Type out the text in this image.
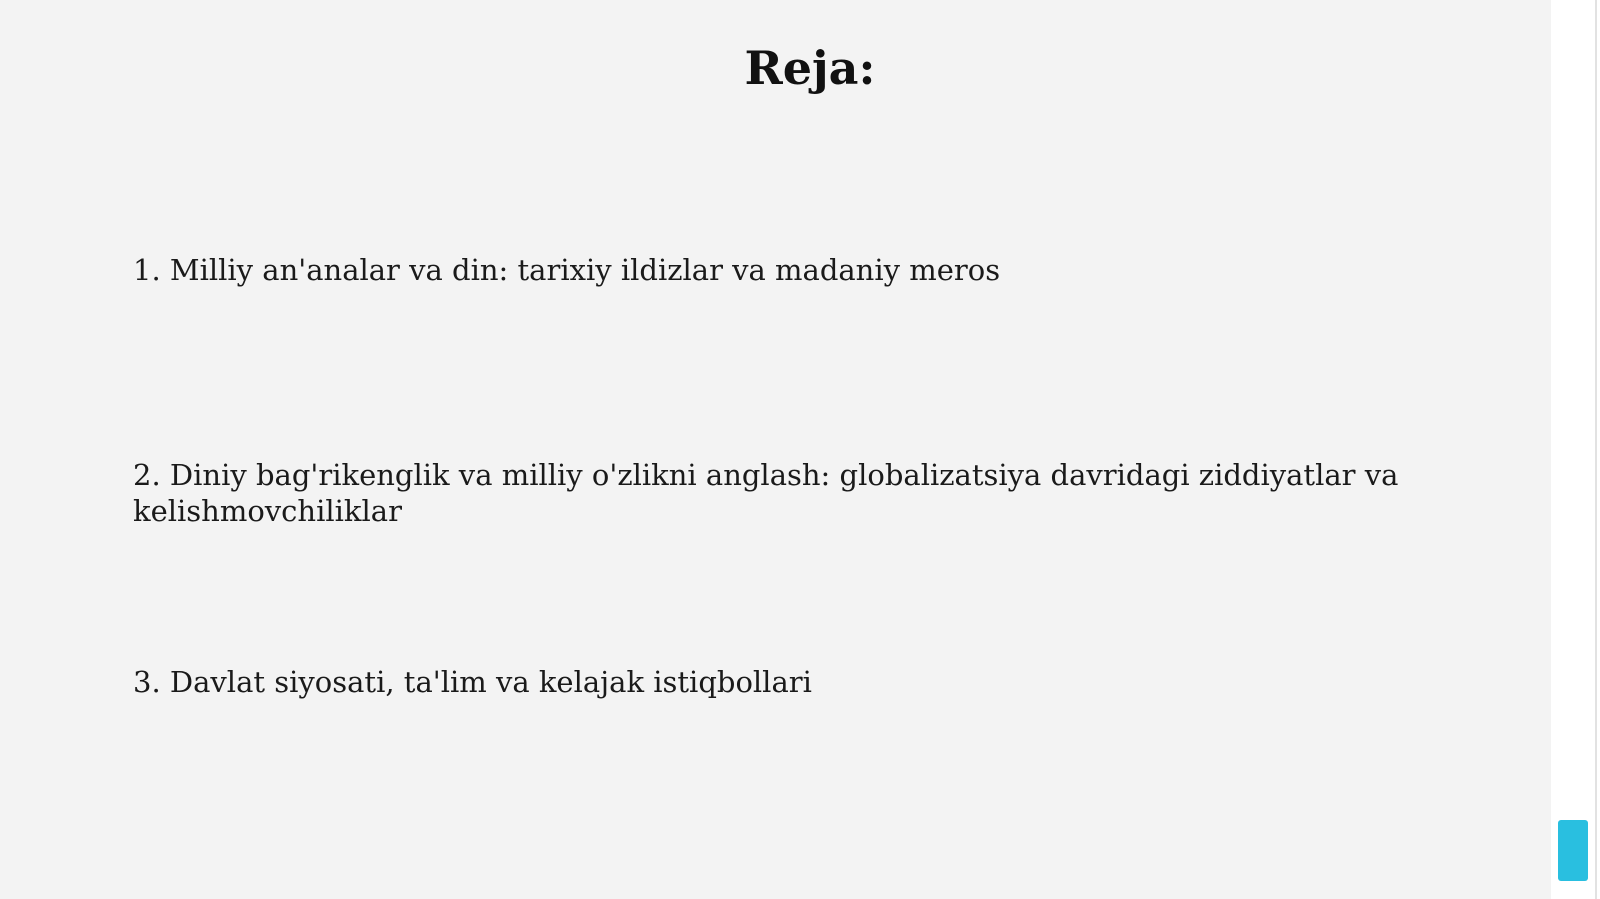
Reja:

1. Milliy an'analar va din: tarixiy ildizlar va madaniy meros

2. Diniy bag'rikenglik va milliy o'zlikni anglash: globalizatsiya davridagi ziddiyatlar va kelishmovchiliklar

3. Davlat siyosati, ta'lim va kelajak istiqbollari
